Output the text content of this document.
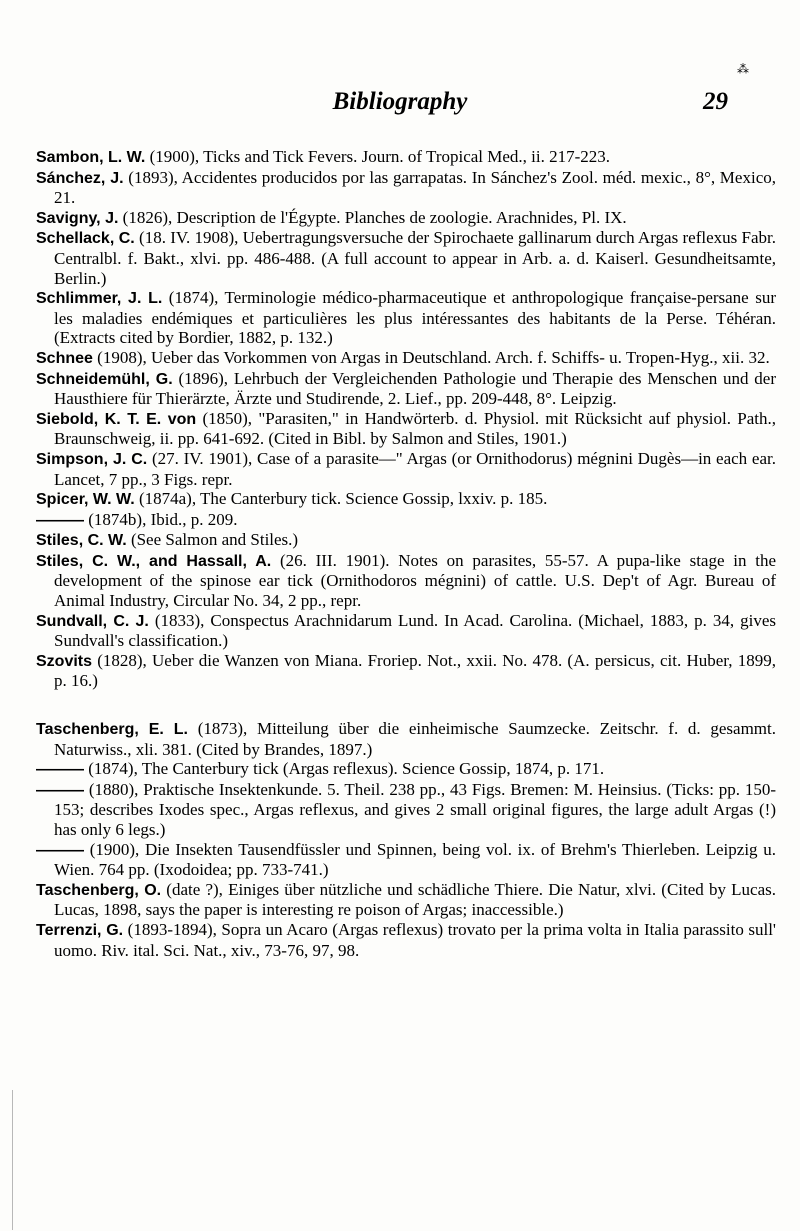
⁂
Bibliography	29

Sambon, L. W. (1900), Ticks and Tick Fevers. Journ. of Tropical Med., ii. 217-223.

Sánchez, J. (1893), Accidentes producidos por las garrapatas. In Sánchez's Zool. méd. mexic., 8°, Mexico, 21.

Savigny, J. (1826), Description de l'Égypte. Planches de zoologie. Arachnides, Pl. IX.

Schellack, C. (18. IV. 1908), Uebertragungsversuche der Spirochaete gallinarum durch Argas reflexus Fabr. Centralbl. f. Bakt., xlvi. pp. 486-488. (A full account to appear in Arb. a. d. Kaiserl. Gesundheitsamte, Berlin.)

Schlimmer, J. L. (1874), Terminologie médico-pharmaceutique et anthropologique française-persane sur les maladies endémiques et particulières les plus intéressantes des habitants de la Perse. Téhéran. (Extracts cited by Bordier, 1882, p. 132.)

Schnee (1908), Ueber das Vorkommen von Argas in Deutschland. Arch. f. Schiffs- u. Tropen-Hyg., xii. 32.

Schneidemühl, G. (1896), Lehrbuch der Vergleichenden Pathologie und Therapie des Menschen und der Hausthiere für Thierärzte, Ärzte und Studirende, 2. Lief., pp. 209-448, 8°. Leipzig.

Siebold, K. T. E. von (1850), "Parasiten," in Handwörterb. d. Physiol. mit Rücksicht auf physiol. Path., Braunschweig, ii. pp. 641-692. (Cited in Bibl. by Salmon and Stiles, 1901.)

Simpson, J. C. (27. IV. 1901), Case of a parasite—" Argas (or Ornithodorus) mégnini Dugès—in each ear. Lancet, 7 pp., 3 Figs. repr.

Spicer, W. W. (1874a), The Canterbury tick. Science Gossip, lxxiv. p. 185.

——— (1874b), Ibid., p. 209.

Stiles, C. W. (See Salmon and Stiles.)

Stiles, C. W., and Hassall, A. (26. III. 1901). Notes on parasites, 55-57. A pupa-like stage in the development of the spinose ear tick (Ornithodoros mégnini) of cattle. U.S. Dep't of Agr. Bureau of Animal Industry, Circular No. 34, 2 pp., repr.

Sundvall, C. J. (1833), Conspectus Arachnidarum Lund. In Acad. Carolina. (Michael, 1883, p. 34, gives Sundvall's classification.)

Szovits (1828), Ueber die Wanzen von Miana. Froriep. Not., xxii. No. 478. (A. persicus, cit. Huber, 1899, p. 16.)

Taschenberg, E. L. (1873), Mitteilung über die einheimische Saumzecke. Zeitschr. f. d. gesammt. Naturwiss., xli. 381. (Cited by Brandes, 1897.)

——— (1874), The Canterbury tick (Argas reflexus). Science Gossip, 1874, p. 171.

——— (1880), Praktische Insektenkunde. 5. Theil. 238 pp., 43 Figs. Bremen: M. Heinsius. (Ticks: pp. 150-153; describes Ixodes spec., Argas reflexus, and gives 2 small original figures, the large adult Argas (!) has only 6 legs.)

——— (1900), Die Insekten Tausendfüssler und Spinnen, being vol. ix. of Brehm's Thierleben. Leipzig u. Wien. 764 pp. (Ixodoidea; pp. 733-741.)

Taschenberg, O. (date ?), Einiges über nützliche und schädliche Thiere. Die Natur, xlvi. (Cited by Lucas. Lucas, 1898, says the paper is interesting re poison of Argas; inaccessible.)

Terrenzi, G. (1893-1894), Sopra un Acaro (Argas reflexus) trovato per la prima volta in Italia parassito sull' uomo. Riv. ital. Sci. Nat., xiv., 73-76, 97, 98.
